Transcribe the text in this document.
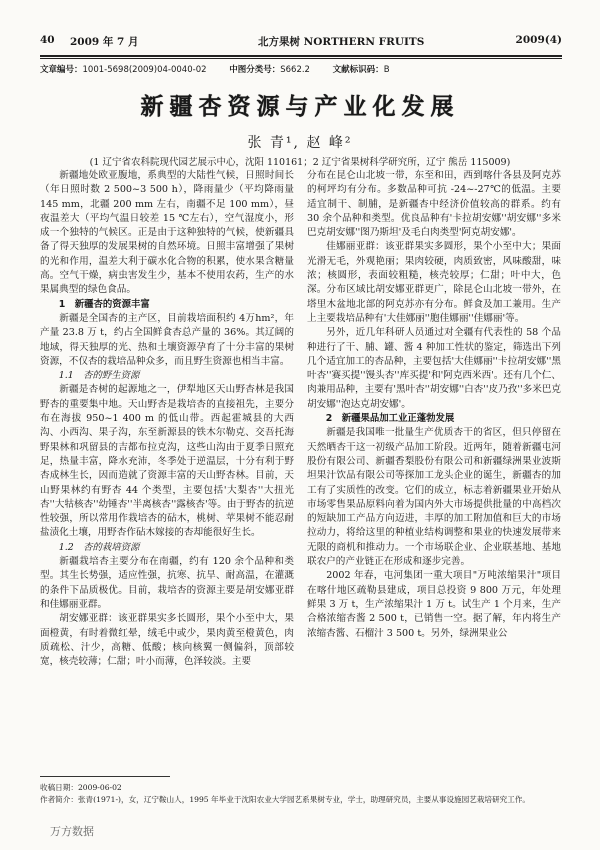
40 2009 年 7 月	北方果树 NORTHERN FRUITS	2009(4)
文章编号：1001-5698(2009)04-0040-02	中图分类号：S662.2	文献标识码：B
新疆杏资源与产业化发展
张 青¹, 赵 峰²
(1 辽宁省农科院现代园艺展示中心，沈阳 110161；2 辽宁省果树科学研究所，辽宁 熊岳 115009)

新疆地处欧亚腹地，系典型的大陆性气候，日照时间长（年日照时数 2 500~3 500 h），降雨量少（平均降雨量 145 mm，北疆 200 mm 左右，南疆不足 100 mm），昼夜温差大（平均气温日较差 15 ℃左右），空气湿度小，形成一个独特的气候区。正是由于这种独特的气候，使新疆具备了得天独厚的发展果树的自然环境。日照丰富增强了果树的光和作用，温差大利于碳水化合物的积累，使水果含糖量高。空气干燥，病虫害发生少，基本不使用农药，生产的水果属典型的绿色食品。

1　新疆杏的资源丰富

新疆是全国杏的主产区，目前栽培面积约 4万hm²，年产量 23.8 万 t，约占全国鲜食杏总产量的 36%。其辽阔的地域，得天独厚的光、热和土壤资源孕育了十分丰富的果树资源，不仅杏的栽培品种众多，而且野生资源也相当丰富。

1.1　杏的野生资源

新疆是杏树的起源地之一，伊犁地区天山野杏林是我国野杏的重要集中地。天山野杏是栽培杏的直接祖先，主要分布在海拔 950~1 400 m 的低山带。西起霍城县的大西沟、小西沟、果子沟，东至新源县的铁木尔勒克、交吾托海野果林和巩留县的吉都布拉克沟，这些山沟由于夏季日照充足，热量丰富，降水充沛，冬季处于逆温层，十分有利于野杏成林生长，因而造就了资源丰富的天山野杏林。目前，天山野果林约有野杏 44 个类型，主要包括'大梨杏''大扭光杏''大牯核杏''幼锤杏''半离核杏''露核杏'等。由于野杏的抗逆性较强，所以常用作栽培杏的砧木，桃树、苹果树不能忍耐盐渍化土壤，用野杏作砧木嫁接的杏却能很好生长。

1.2　杏的栽培资源

新疆栽培杏主要分布在南疆，约有 120 余个品种和类型。其生长势强，适应性强，抗寒、抗旱、耐高温，在灌溉的条件下品质极优。目前，栽培杏的资源主要是胡安娜亚群和佳娜丽亚群。

胡安娜亚群：该亚群果实多长圆形，果个小至中大，果面橙黄，有时着微红晕，绒毛中或少，果肉黄至橙黄色，肉质疏松、汁少，高糖、低酸；核向核翼一侧偏斜，顶部较宽，核壳较薄；仁甜；叶小而薄，色泽较淡。主要

分布在昆仑山北坡一带，东至和田，西到喀什各县及阿克苏的柯坪均有分布。多数品种可抗 -24~-27℃的低温。主要适宜制干、制脯，是新疆杏中经济价值较高的群系。约有 30 余个品种和类型。优良品种有'卡拉胡安娜''胡安娜''多米巴克胡安娜''图乃斯坦'及毛白肉类型'阿克胡安娜'。

佳娜丽亚群：该亚群果实多圆形，果个小至中大；果面光滑无毛，外观艳丽；果肉较硬，肉质致密，风味酸甜，味浓；核圆形，表面较粗糙，核壳较厚；仁甜；叶中大，色深。分布区域比胡安娜亚群更广，除昆仑山北坡一带外，在塔里木盆地北部的阿克苏亦有分布。鲜食及加工兼用。生产上主要栽培品种有'大佳娜丽''胞佳娜丽''佳娜丽'等。

另外，近几年科研人员通过对全疆有代表性的 58 个品种进行了干、脯、罐、酱 4 种加工性状的鉴定，筛选出下列几个适宜加工的杏品种，主要包括'大佳娜丽''卡拉胡安娜''黑叶杏''赛买提''馒头杏''库买提'和'阿克西米西'。还有几个仁、肉兼用品种，主要有'黑叶杏''胡安娜''白杏''皮乃孜''多米巴克胡安娜''泡达克胡安娜'。

2　新疆果品加工业正蓬勃发展

新疆是我国唯一批量生产优质杏干的省区，但只停留在天然晒杏干这一初级产品加工阶段。近两年，随着新疆屯河股份有限公司、新疆香梨股份有限公司和新疆绿洲果业波斯坦果汁饮品有限公司等探加工龙头企业的诞生，新疆杏的加工有了实质性的改变。它们的成立，标志着新疆果业开始从市场零售果品原料向着为国内外大市场提供批量的中高档次的短缺加工产品方向迈进，丰厚的加工附加值和巨大的市场拉动力，将给这里的种植业结构调整和果业的快速发展带来无限的商机和推动力。一个市场联企业、企业联基地、基地联农户的产业链正在形成和逐步完善。

2002 年春，屯河集团一重大项目"万吨浓缩果汁"项目在喀什地区疏勒县建成，项目总投资 9 800 万元，年处理鲜果 3 万 t，生产浓缩果汁 1 万 t。试生产 1 个月来，生产合格浓缩杏酱 2 500 t，已销售一空。据了解，年内将生产浓缩杏酱、石榴汁 3 500 t。另外，绿洲果业公

收稿日期：2009-06-02
作者简介：张青(1971-)，女，辽宁鞍山人，1995 年毕业于沈阳农业大学园艺系果树专业，学士，助理研究员，主要从事设施园艺栽培研究工作。
万方数据
